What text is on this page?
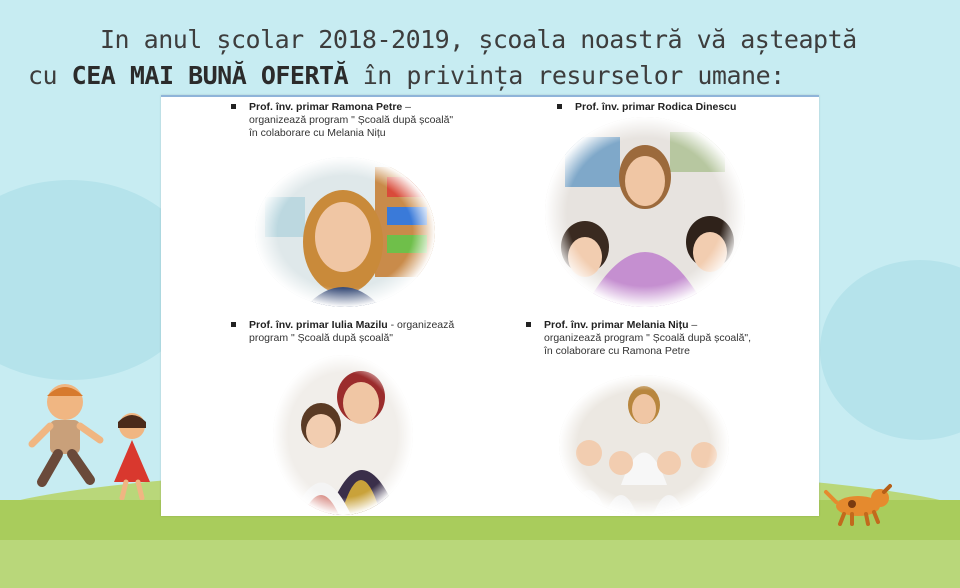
In anul școlar 2018-2019, școala noastră vă așteaptă
cu CEA MAI BUNĂ OFERTĂ în privința resurselor umane:
Prof. înv. primar Ramona Petre –
organizează program " Școală după școală"
în colaborare cu Melania Nițu
Prof. înv. primar Rodica Dinescu
Prof. înv. primar Iulia Mazilu - organizează
program " Școală după școală"
Prof. înv. primar Melania Nițu –
organizează program " Școală după școală",
în colaborare cu Ramona Petre
